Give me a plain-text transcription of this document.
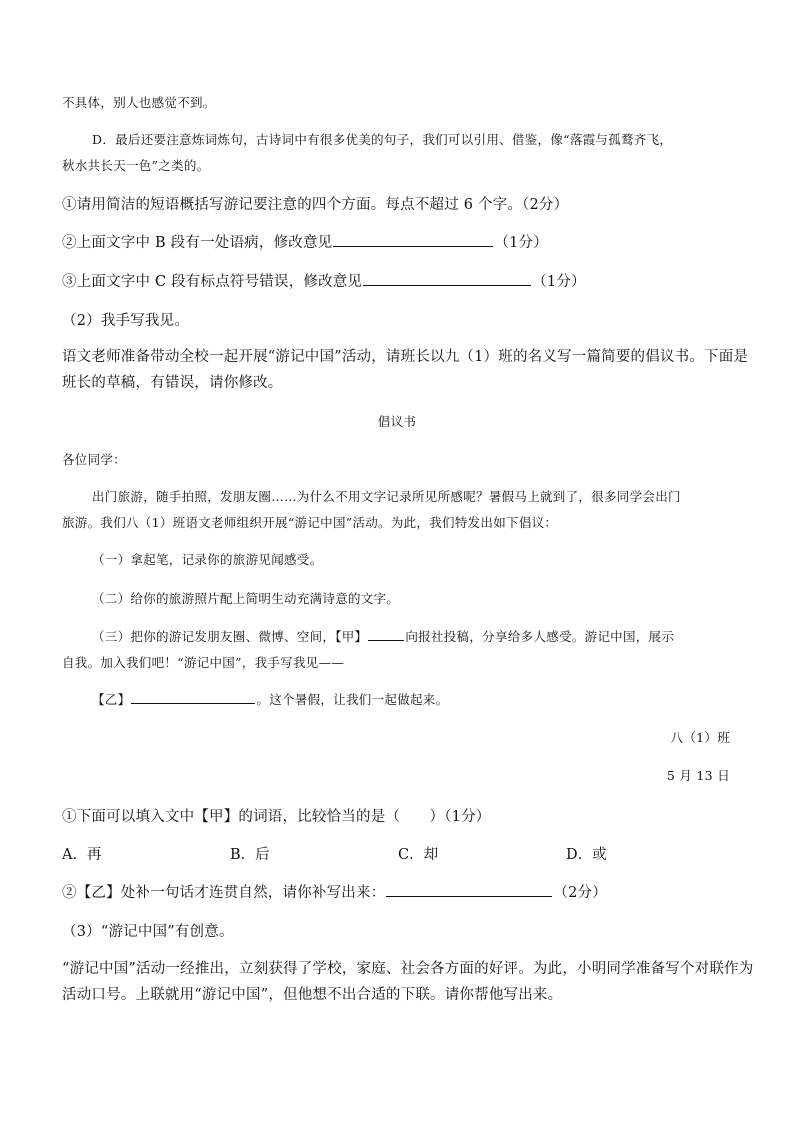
不具体，别人也感觉不到。
D．最后还要注意炼词炼句，古诗词中有很多优美的句子，我们可以引用、借鉴，像“落霞与孤鹜齐飞，
秋水共长天一色”之类的。
①请用简洁的短语概括写游记要注意的四个方面。每点不超过 6 个字。（2分）
②上面文字中 B 段有一处语病，修改意见	（1分）
③上面文字中 C 段有标点符号错误，修改意见	（1分）
（2）我手写我见。
语文老师准备带动全校一起开展“游记中国”活动，请班长以九（1）班的名义写一篇简要的倡议书。下面是
班长的草稿，有错误，请你修改。
倡议书
各位同学：
出门旅游，随手拍照，发朋友圈……为什么不用文字记录所见所感呢？暑假马上就到了，很多同学会出门
旅游。我们八（1）班语文老师组织开展“游记中国”活动。为此，我们特发出如下倡议：
（一）拿起笔，记录你的旅游见闻感受。
（二）给你的旅游照片配上简明生动充满诗意的文字。
（三）把你的游记发朋友圈、微博、空间，【甲】	向报社投稿，分享给多人感受。游记中国，展示
自我。加入我们吧！“游记中国”，我手写我见——
【乙】	。这个暑假，让我们一起做起来。
八（1）班
5 月 13 日
①下面可以填入文中【甲】的词语，比较恰当的是（　　）（1分）
A．再	B．后	C．却	D．或
②【乙】处补一句话才连贯自然，请你补写出来：	（2分）
（3）“游记中国”有创意。
“游记中国”活动一经推出，立刻获得了学校，家庭、社会各方面的好评。为此，小明同学准备写个对联作为
活动口号。上联就用“游记中国”，但他想不出合适的下联。请你帮他写出来。
